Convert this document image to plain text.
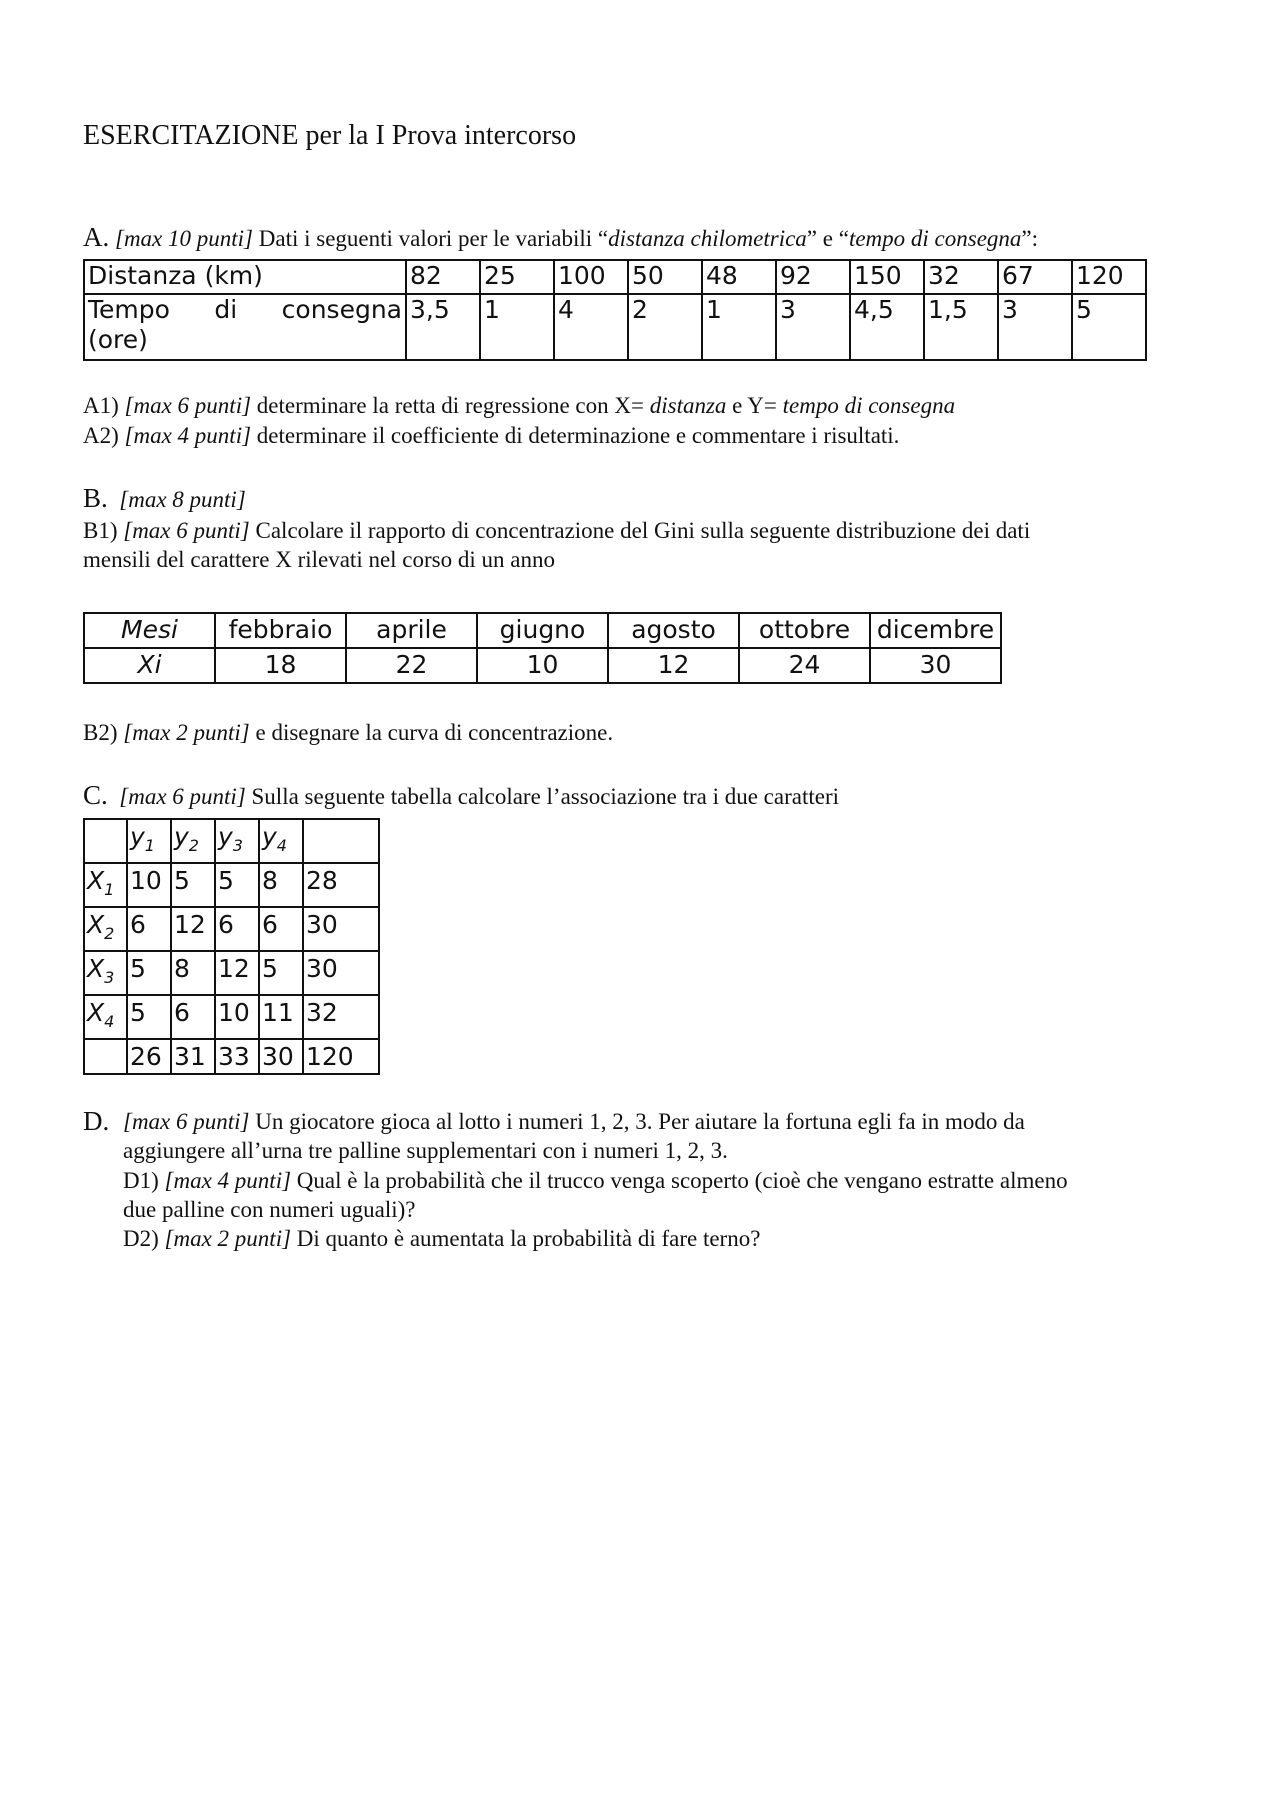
ESERCITAZIONE per la I Prova intercorso
A. [max 10 punti] Dati i seguenti valori per le variabili “distanza chilometrica” e “tempo di consegna”:
Distanza (km)	82	25	100	50	48	92	150	32	67	120

Tempo di consegna
(ore)	3,5	1	4	2	1	3	4,5	1,5	3	5
A1) [max 6 punti] determinare la retta di regressione con X= distanza e Y= tempo di consegna
A2) [max 4 punti] determinare il coefficiente di determinazione e commentare i risultati.
B. [max 8 punti]
B1) [max 6 punti] Calcolare il rapporto di concentrazione del Gini sulla seguente distribuzione dei dati
mensili del carattere X rilevati nel corso di un anno
Mesi	febbraio	aprile	giugno	agosto	ottobre	dicembre
Xi	18	22	10	12	24	30
B2) [max 2 punti] e disegnare la curva di concentrazione.
C. [max 6 punti] Sulla seguente tabella calcolare l’associazione tra i due caratteri
	$y_1$	$y_2$	$y_3$	$y_4$	
$X_1$	10	5	5	8	28
$X_2$	6	12	6	6	30
$X_3$	5	8	12	5	30
$X_4$	5	6	10	11	32
	26	31	33	30	120
D. [max 6 punti] Un giocatore gioca al lotto i numeri 1, 2, 3. Per aiutare la fortuna egli fa in modo da
aggiungere all’urna tre palline supplementari con i numeri 1, 2, 3.
D1) [max 4 punti] Qual è la probabilità che il trucco venga scoperto (cioè che vengano estratte almeno
due palline con numeri uguali)?
D2) [max 2 punti] Di quanto è aumentata la probabilità di fare terno?
